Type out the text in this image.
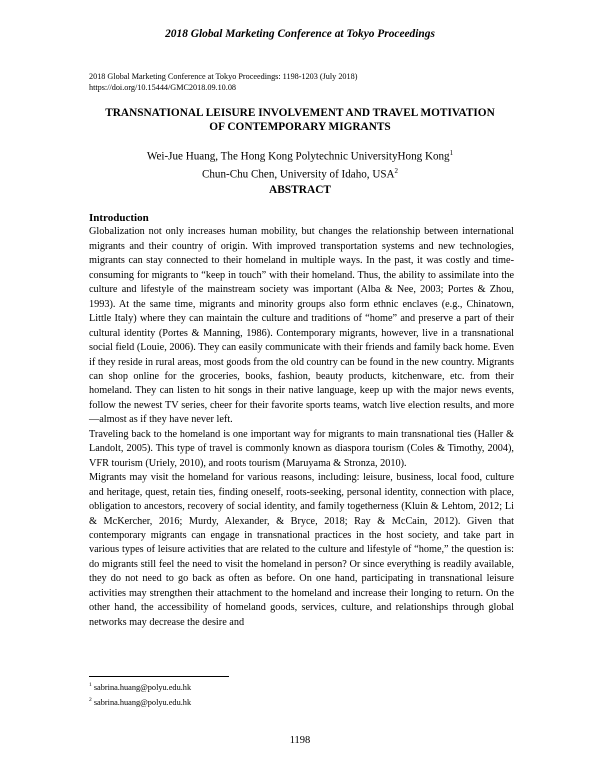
2018 Global Marketing Conference at Tokyo Proceedings
2018 Global Marketing Conference at Tokyo Proceedings: 1198-1203 (July 2018)
https://doi.org/10.15444/GMC2018.09.10.08
TRANSNATIONAL LEISURE INVOLVEMENT AND TRAVEL MOTIVATION
OF CONTEMPORARY MIGRANTS
Wei-Jue Huang, The Hong Kong Polytechnic UniversityHong Kong$^1$
Chun-Chu Chen, University of Idaho, USA$^2$
ABSTRACT
Introduction

Globalization not only increases human mobility, but changes the relationship between international migrants and their country of origin. With improved transportation systems and new technologies, migrants can stay connected to their homeland in multiple ways. In the past, it was costly and time-consuming for migrants to “keep in touch” with their homeland. Thus, the ability to assimilate into the culture and lifestyle of the mainstream society was important (Alba & Nee, 2003; Portes & Zhou, 1993). At the same time, migrants and minority groups also form ethnic enclaves (e.g., Chinatown, Little Italy) where they can maintain the culture and traditions of “home” and preserve a part of their cultural identity (Portes & Manning, 1986). Contemporary migrants, however, live in a transnational social field (Louie, 2006). They can easily communicate with their friends and family back home. Even if they reside in rural areas, most goods from the old country can be found in the new country. Migrants can shop online for the groceries, books, fashion, beauty products, kitchenware, etc. from their homeland. They can listen to hit songs in their native language, keep up with the major news events, follow the newest TV series, cheer for their favorite sports teams, watch live election results, and more—almost as if they have never left.

Traveling back to the homeland is one important way for migrants to main transnational ties (Haller & Landolt, 2005). This type of travel is commonly known as diaspora tourism (Coles & Timothy, 2004), VFR tourism (Uriely, 2010), and roots tourism (Maruyama & Stronza, 2010).

Migrants may visit the homeland for various reasons, including: leisure, business, local food, culture and heritage, quest, retain ties, finding oneself, roots-seeking, personal identity, connection with place, obligation to ancestors, recovery of social identity, and family togetherness (Kluin & Lehtom, 2012; Li & McKercher, 2016; Murdy, Alexander, & Bryce, 2018; Ray & McCain, 2012). Given that contemporary migrants can engage in transnational practices in the host society, and take part in various types of leisure activities that are related to the culture and lifestyle of “home,” the question is: do migrants still feel the need to visit the homeland in person? Or since everything is readily available, they do not need to go back as often as before. On one hand, participating in transnational leisure activities may strengthen their attachment to the homeland and increase their longing to return. On the other hand, the accessibility of homeland goods, services, culture, and relationships through global networks may decrease the desire and

$^1$ sabrina.huang@polyu.edu.hk
$^2$ sabrina.huang@polyu.edu.hk
1198
